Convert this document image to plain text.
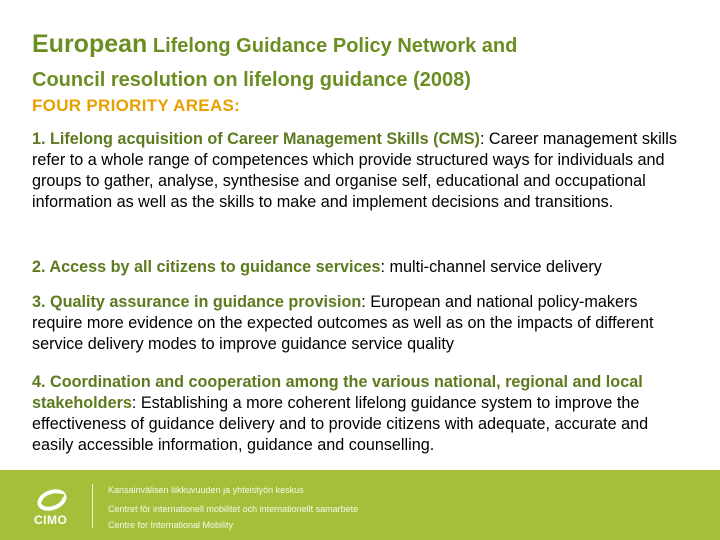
European Lifelong Guidance Policy Network and
Council resolution on lifelong guidance (2008)
FOUR PRIORITY AREAS:
1. Lifelong acquisition of Career Management Skills (CMS): Career management skills refer to a whole range of competences which provide structured ways for individuals and groups to gather, analyse, synthesise and organise self, educational and occupational information as well as the skills to make and implement decisions and transitions.
2. Access by all citizens to guidance services: multi-channel service delivery
3. Quality assurance in guidance provision: European and national policy-makers require more evidence on the expected outcomes as well as on the impacts of different service delivery modes to improve guidance service quality
4. Coordination and cooperation among the various national, regional and local stakeholders: Establishing a more coherent lifelong guidance system to improve the effectiveness of guidance delivery and to provide citizens with adequate, accurate and easily accessible information, guidance and counselling.
CIMO
Kansainvälisen liikkuvuuden ja yhteistyön keskus
Centret för internationell mobilitet och internationellt samarbete
Centre for International Mobility
